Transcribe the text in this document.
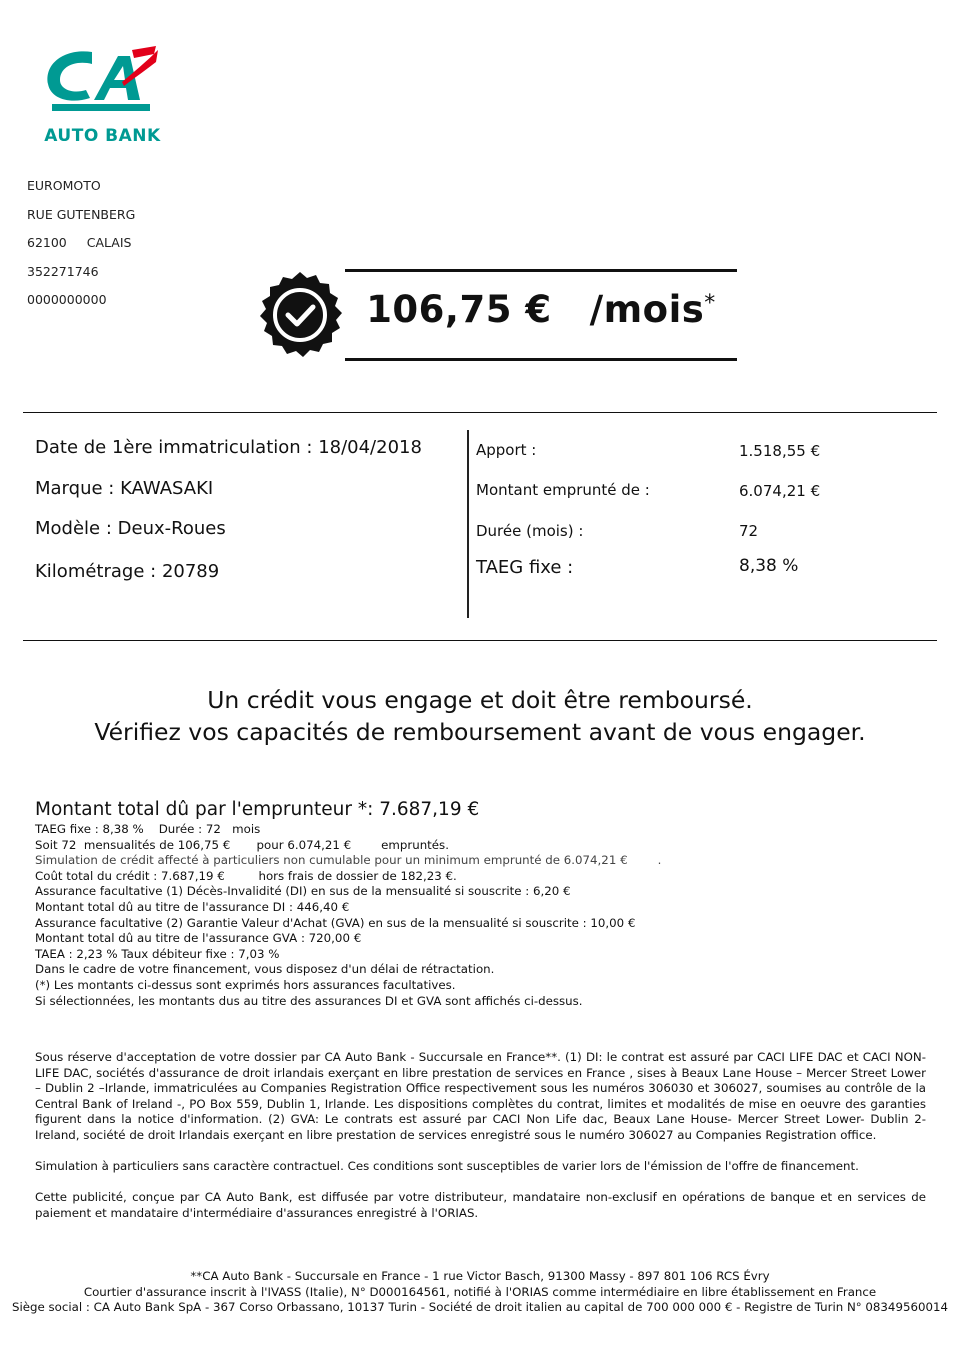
AUTO BANK
EUROMOTO
RUE GUTENBERG
62100 CALAIS
352271746
0000000000	106,75 € /mois*
Date de 1ère immatriculation : 18/04/2018
Marque : KAWASAKI
Modèle : Deux-Roues
Kilométrage : 20789
Apport :	1.518,55 €
Montant emprunté de :	6.074,21 €
Durée (mois) :	72
TAEG fixe :	8,38 %
Un crédit vous engage et doit être remboursé.
Vérifiez vos capacités de remboursement avant de vous engager.
Montant total dû par l'emprunteur *: 7.687,19 €
TAEG fixe : 8,38 %    Durée : 72   mois
Soit 72  mensualités de 106,75 €       pour 6.074,21 €        empruntés.
Simulation de crédit affecté à particuliers non cumulable pour un minimum emprunté de 6.074,21 €        .
Coût total du crédit : 7.687,19 €         hors frais de dossier de 182,23 €.
Assurance facultative (1) Décès-Invalidité (DI) en sus de la mensualité si souscrite : 6,20 €
Montant total dû au titre de l'assurance DI : 446,40 €
Assurance facultative (2) Garantie Valeur d'Achat (GVA) en sus de la mensualité si souscrite : 10,00 €
Montant total dû au titre de l'assurance GVA : 720,00 €
TAEA : 2,23 % Taux débiteur fixe : 7,03 %
Dans le cadre de votre financement, vous disposez d'un délai de rétractation.
(*) Les montants ci-dessus sont exprimés hors assurances facultatives.
Si sélectionnées, les montants dus au titre des assurances DI et GVA sont affichés ci-dessus.
Sous réserve d'acceptation de votre dossier par CA Auto Bank - Succursale en France**. (1) DI: le contrat est assuré par CACI LIFE DAC et CACI NON-LIFE DAC, sociétés d'assurance de droit irlandais exerçant en libre prestation de services en France , sises à Beaux Lane House – Mercer Street Lower – Dublin 2 –Irlande, immatriculées au Companies Registration Office respectivement sous les numéros 306030 et 306027, soumises au contrôle de la Central Bank of Ireland -, PO Box 559, Dublin 1, Irlande. Les dispositions complètes du contrat, limites et modalités de mise en oeuvre des garanties figurent dans la notice d'information. (2) GVA: Le contrats est assuré par CACI Non Life dac, Beaux Lane House- Mercer Street Lower- Dublin 2- Ireland, société de droit Irlandais exerçant en libre prestation de services enregistré sous le numéro 306027 au Companies Registration office.
Simulation à particuliers sans caractère contractuel. Ces conditions sont susceptibles de varier lors de l'émission de l'offre de financement.
Cette publicité, conçue par CA Auto Bank, est diffusée par votre distributeur, mandataire non-exclusif en opérations de banque et en services de paiement et mandataire d'intermédiaire d'assurances enregistré à l'ORIAS.
**CA Auto Bank - Succursale en France - 1 rue Victor Basch, 91300 Massy - 897 801 106 RCS Évry
Courtier d'assurance inscrit à l'IVASS (Italie), N° D000164561, notifié à l'ORIAS comme intermédiaire en libre établissement en France
Siège social : CA Auto Bank SpA - 367 Corso Orbassano, 10137 Turin - Société de droit italien au capital de 700 000 000 € - Registre de Turin N° 08349560014
